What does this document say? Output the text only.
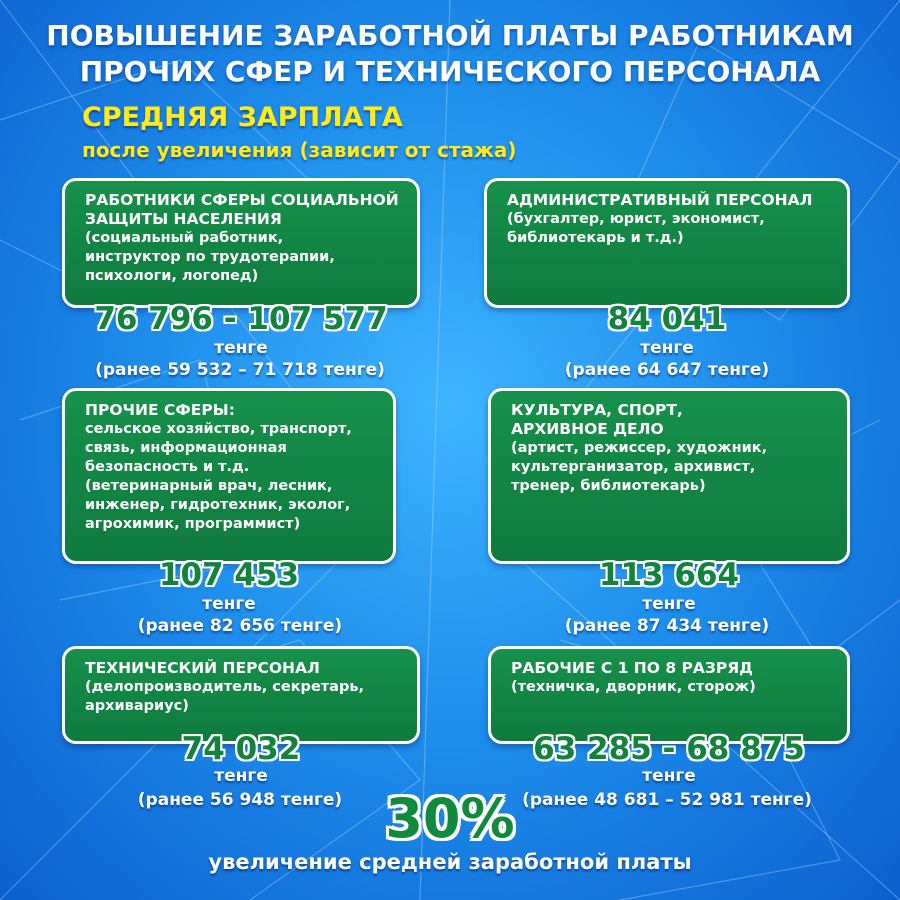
ПОВЫШЕНИЕ ЗАРАБОТНОЙ ПЛАТЫ РАБОТНИКАМ
ПРОЧИХ СФЕР И ТЕХНИЧЕСКОГО ПЕРСОНАЛА
СРЕДНЯЯ ЗАРПЛАТА
после увеличения (зависит от стажа)
РАБОТНИКИ СФЕРЫ СОЦИАЛЬНОЙ
ЗАЩИТЫ НАСЕЛЕНИЯ
(социальный работник,
инструктор по трудотерапии,
психологи, логопед)
76 796 - 107 577
тенге
(ранее 59 532 – 71 718 тенге)
АДМИНИСТРАТИВНЫЙ ПЕРСОНАЛ
(бухгалтер, юрист, экономист,
библиотекарь и т.д.)
84 041
тенге
(ранее 64 647 тенге)
ПРОЧИЕ СФЕРЫ:
сельское хозяйство, транспорт,
связь, информационная
безопасность и т.д.
(ветеринарный врач, лесник,
инженер, гидротехник, эколог,
агрохимик, программист)
107 453
тенге
(ранее 82 656 тенге)
КУЛЬТУРА, СПОРТ,
АРХИВНОЕ ДЕЛО
(артист, режиссер, художник,
культерганизатор, архивист,
тренер, библиотекарь)
113 664
тенге
(ранее 87 434 тенге)
ТЕХНИЧЕСКИЙ ПЕРСОНАЛ
(делопроизводитель, секретарь,
архивариус)
74 032
тенге
(ранее 56 948 тенге)
РАБОЧИЕ С 1 ПО 8 РАЗРЯД
(техничка, дворник, сторож)
63 285 - 68 875
тенге
(ранее 48 681 – 52 981 тенге)
30%
увеличение средней заработной платы
